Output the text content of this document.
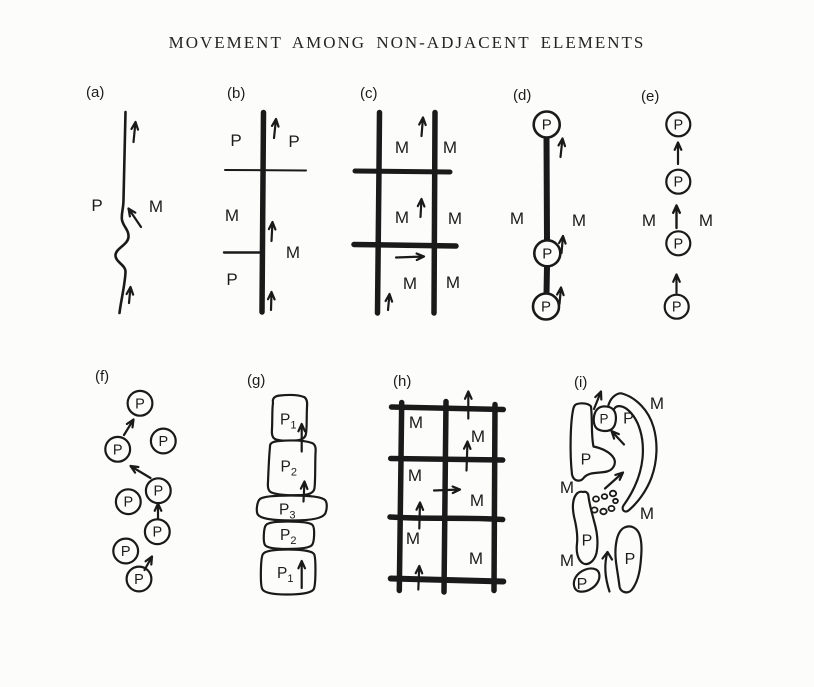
MOVEMENT AMONG NON-ADJACENT ELEMENTS
(a)
P	M
(b)
P	P
M
M
P
(c)
M M
M M
M M
(d)
P
P
P
M	M
(e)
P
P
P
P
M	M
(f)
P
P
P
P
P
P
P
P
(g)
$P_1$
$P_2$
$P_3$
$P_2$
$P_1$
(h)
M
M
M
M
M
M
(i)
P P
P
P
P
P
M
M
M
M
